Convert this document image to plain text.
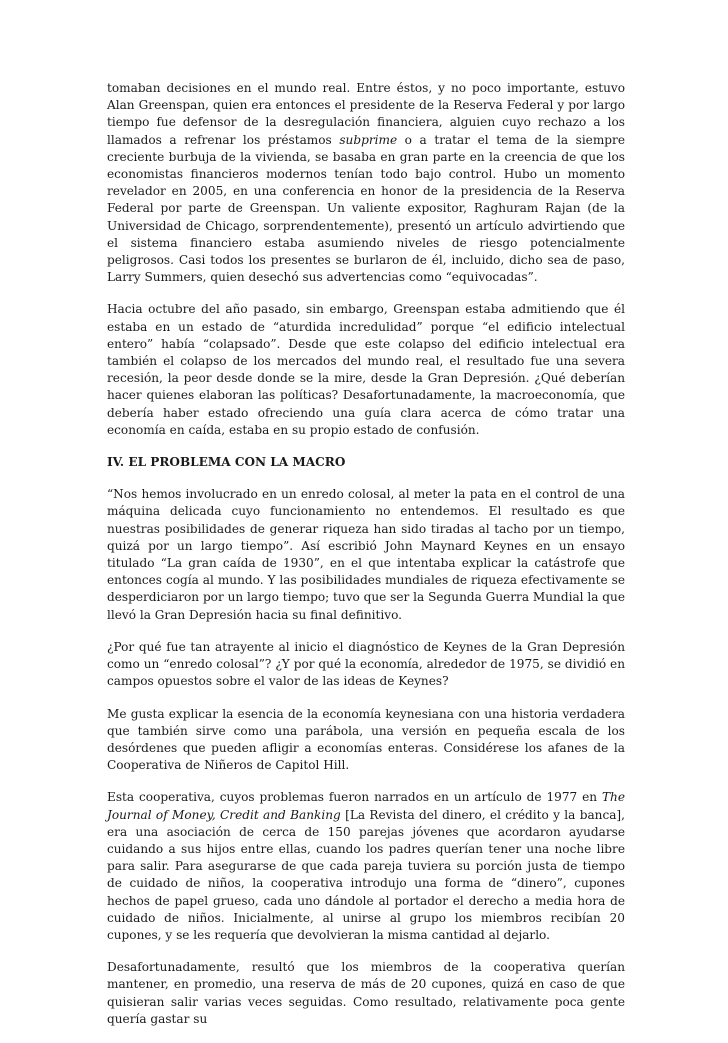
tomaban decisiones en el mundo real. Entre éstos, y no poco importante, estuvo Alan Greenspan, quien era entonces el presidente de la Reserva Federal y por largo tiempo fue defensor de la desregulación financiera, alguien cuyo rechazo a los llamados a refrenar los préstamos subprime o a tratar el tema de la siempre creciente burbuja de la vivienda, se basaba en gran parte en la creencia de que los economistas financieros modernos tenían todo bajo control. Hubo un momento revelador en 2005, en una conferencia en honor de la presidencia de la Reserva Federal por parte de Greenspan. Un valiente expositor, Raghuram Rajan (de la Universidad de Chicago, sorprendentemente), presentó un artículo advirtiendo que el sistema financiero estaba asumiendo niveles de riesgo potencialmente peligrosos. Casi todos los presentes se burlaron de él, incluido, dicho sea de paso, Larry Summers, quien desechó sus advertencias como “equivocadas”.

Hacia octubre del año pasado, sin embargo, Greenspan estaba admitiendo que él estaba en un estado de “aturdida incredulidad” porque “el edificio intelectual entero” había “colapsado”. Desde que este colapso del edificio intelectual era también el colapso de los mercados del mundo real, el resultado fue una severa recesión, la peor desde donde se la mire, desde la Gran Depresión. ¿Qué deberían hacer quienes elaboran las políticas? Desafortunadamente, la macroeconomía, que debería haber estado ofreciendo una guía clara acerca de cómo tratar una economía en caída, estaba en su propio estado de confusión.

IV. EL PROBLEMA CON LA MACRO

“Nos hemos involucrado en un enredo colosal, al meter la pata en el control de una máquina delicada cuyo funcionamiento no entendemos. El resultado es que nuestras posibilidades de generar riqueza han sido tiradas al tacho por un tiempo, quizá por un largo tiempo”. Así escribió John Maynard Keynes en un ensayo titulado “La gran caída de 1930”, en el que intentaba explicar la catástrofe que entonces cogía al mundo. Y las posibilidades mundiales de riqueza efectivamente se desperdiciaron por un largo tiempo; tuvo que ser la Segunda Guerra Mundial la que llevó la Gran Depresión hacia su final definitivo.

¿Por qué fue tan atrayente al inicio el diagnóstico de Keynes de la Gran Depresión como un “enredo colosal”? ¿Y por qué la economía, alrededor de 1975, se dividió en campos opuestos sobre el valor de las ideas de Keynes?

Me gusta explicar la esencia de la economía keynesiana con una historia verdadera que también sirve como una parábola, una versión en pequeña escala de los desórdenes que pueden afligir a economías enteras. Considérese los afanes de la Cooperativa de Niñeros de Capitol Hill.

Esta cooperativa, cuyos problemas fueron narrados en un artículo de 1977 en The Journal of Money, Credit and Banking [La Revista del dinero, el crédito y la banca], era una asociación de cerca de 150 parejas jóvenes que acordaron ayudarse cuidando a sus hijos entre ellas, cuando los padres querían tener una noche libre para salir. Para asegurarse de que cada pareja tuviera su porción justa de tiempo de cuidado de niños, la cooperativa introdujo una forma de “dinero”, cupones hechos de papel grueso, cada uno dándole al portador el derecho a media hora de cuidado de niños. Inicialmente, al unirse al grupo los miembros recibían 20 cupones, y se les requería que devolvieran la misma cantidad al dejarlo.

Desafortunadamente, resultó que los miembros de la cooperativa querían mantener, en promedio, una reserva de más de 20 cupones, quizá en caso de que quisieran salir varias veces seguidas. Como resultado, relativamente poca gente quería gastar su
